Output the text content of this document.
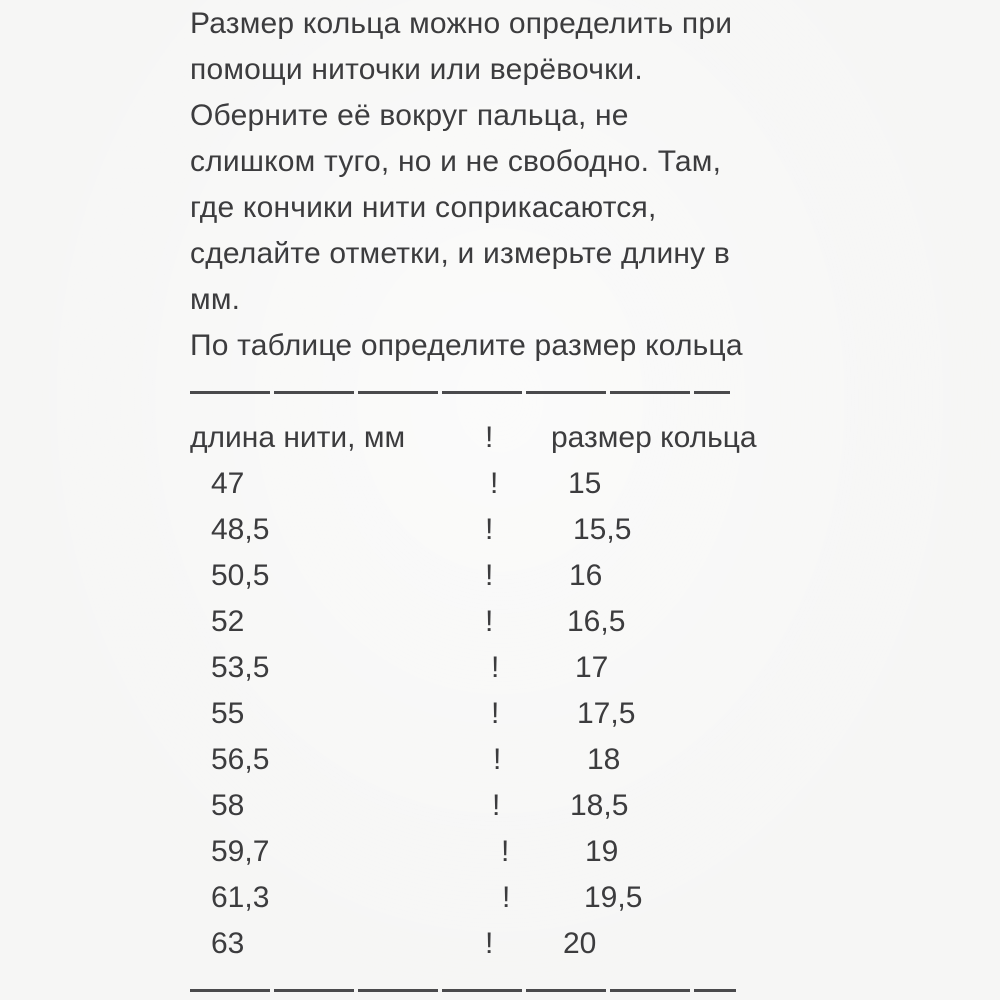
Размер кольца можно определить при
помощи ниточки или верёвочки.
Оберните её вокруг пальца, не
слишком туго, но и не свободно. Там,
где кончики нити соприкасаются,
сделайте отметки, и измерьте длину в
мм.
По таблице определите размер кольца
длина нити, мм	! размер кольца
47	! 15
48,5	!	15,5
50,5	!	16
52	! 16,5
53,5	!	17
55	!	17,5
56,5	!	18
58	! 18,5
59,7	!	19
61,3	! 19,5
63	! 20
